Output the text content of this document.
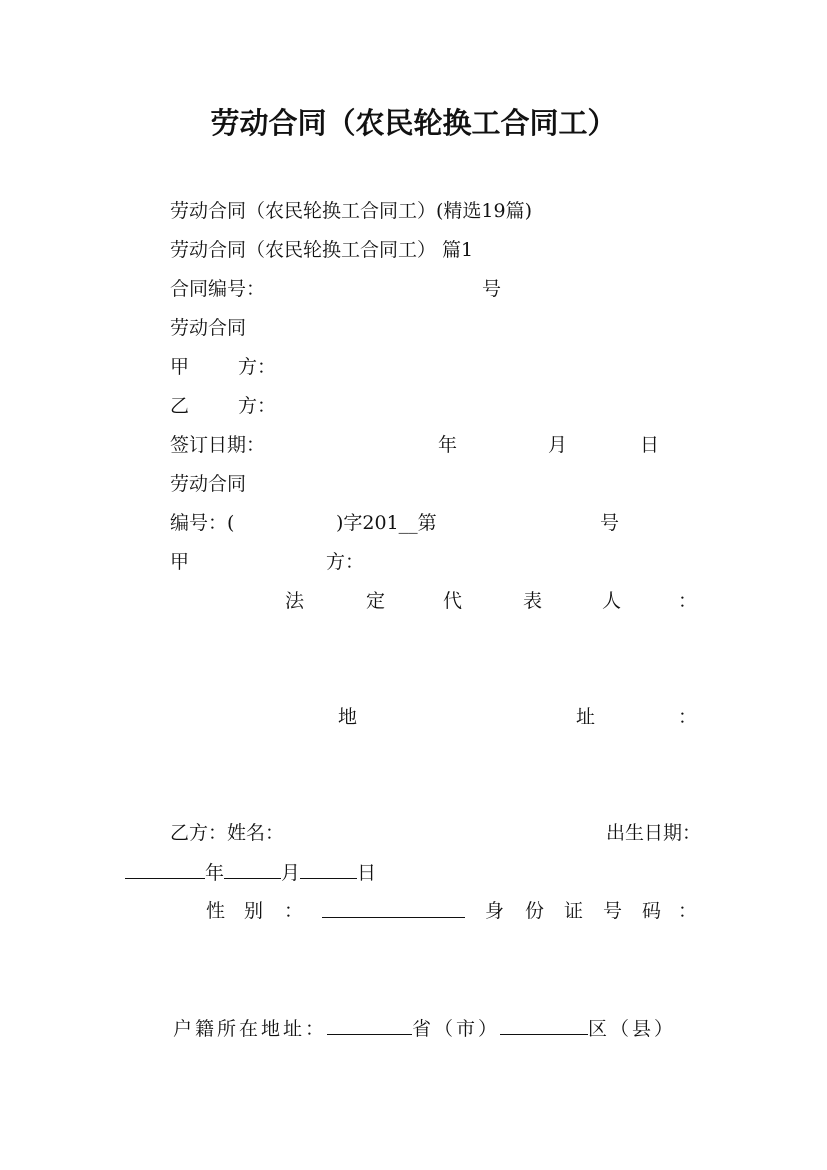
劳动合同（农民轮换工合同工）
劳动合同（农民轮换工合同工）(精选19篇)
劳动合同（农民轮换工合同工） 篇1
合同编号：	号
劳动合同
甲	方：
乙	方：
签订日期：	年	月	日
劳动合同
编号：(	)字201__第	号
甲	方：
法	定	代	表	人	：
地	址	：
乙方：姓名：	出生日期：
年	月	日
性 别 ：	身 份 证 号 码 ：
户籍所在地址：	省（市）	区（县）
